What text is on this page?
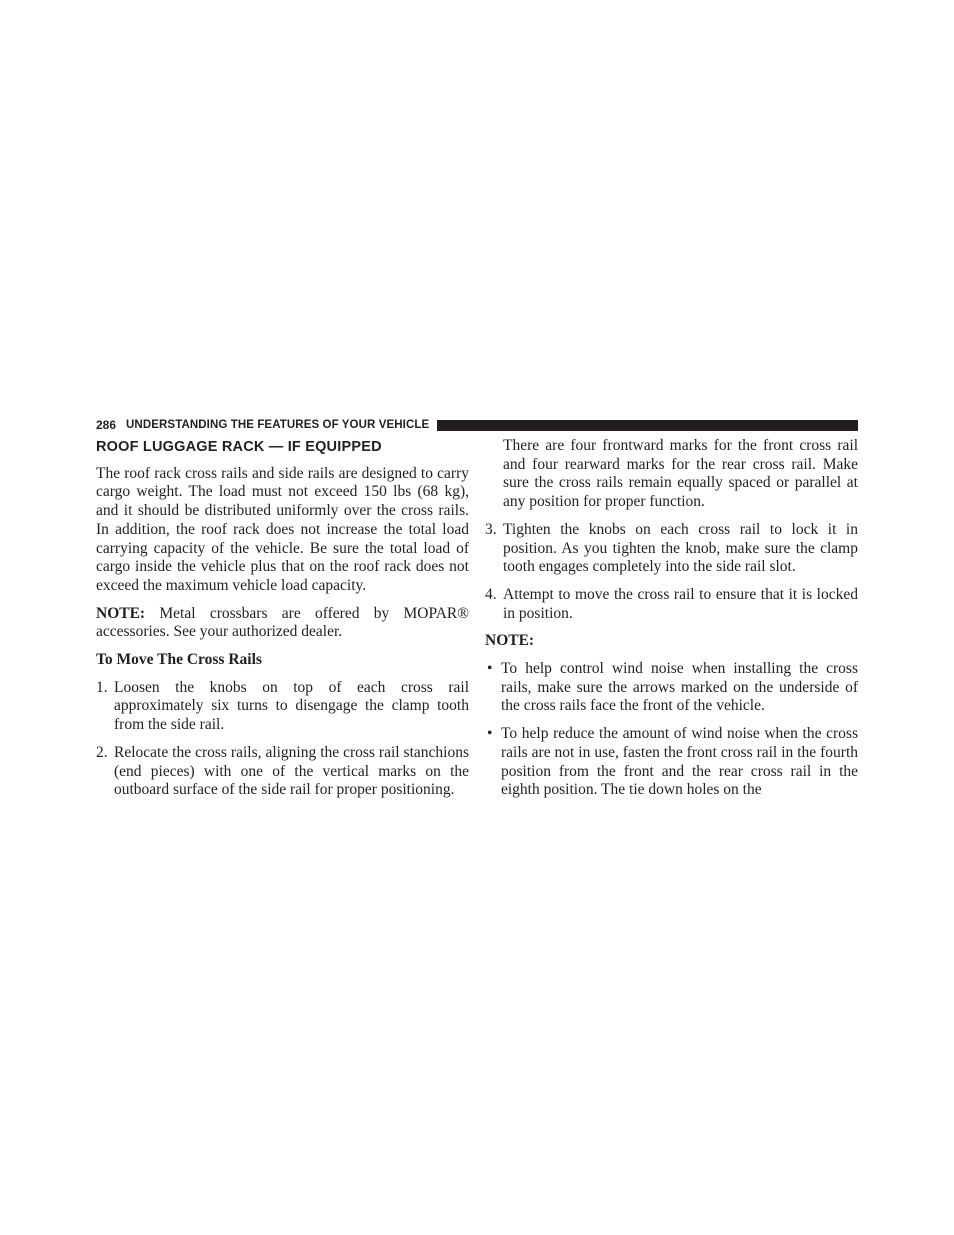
286 UNDERSTANDING THE FEATURES OF YOUR VEHICLE
ROOF LUGGAGE RACK — IF EQUIPPED

The roof rack cross rails and side rails are designed to carry cargo weight. The load must not exceed 150 lbs (68 kg), and it should be distributed uniformly over the cross rails. In addition, the roof rack does not increase the total load carrying capacity of the vehicle. Be sure the total load of cargo inside the vehicle plus that on the roof rack does not exceed the maximum vehicle load capacity.

NOTE: Metal crossbars are offered by MOPAR® accessories. See your authorized dealer.

To Move The Cross Rails
1. Loosen the knobs on top of each cross rail approximately six turns to disengage the clamp tooth from the side rail.
2. Relocate the cross rails, aligning the cross rail stanchions (end pieces) with one of the vertical marks on the outboard surface of the side rail for proper positioning.
There are four frontward marks for the front cross rail and four rearward marks for the rear cross rail. Make sure the cross rails remain equally spaced or parallel at any position for proper function.
3. Tighten the knobs on each cross rail to lock it in position. As you tighten the knob, make sure the clamp tooth engages completely into the side rail slot.
4. Attempt to move the cross rail to ensure that it is locked in position.
NOTE:
• To help control wind noise when installing the cross rails, make sure the arrows marked on the underside of the cross rails face the front of the vehicle.
• To help reduce the amount of wind noise when the cross rails are not in use, fasten the front cross rail in the fourth position from the front and the rear cross rail in the eighth position. The tie down holes on the
